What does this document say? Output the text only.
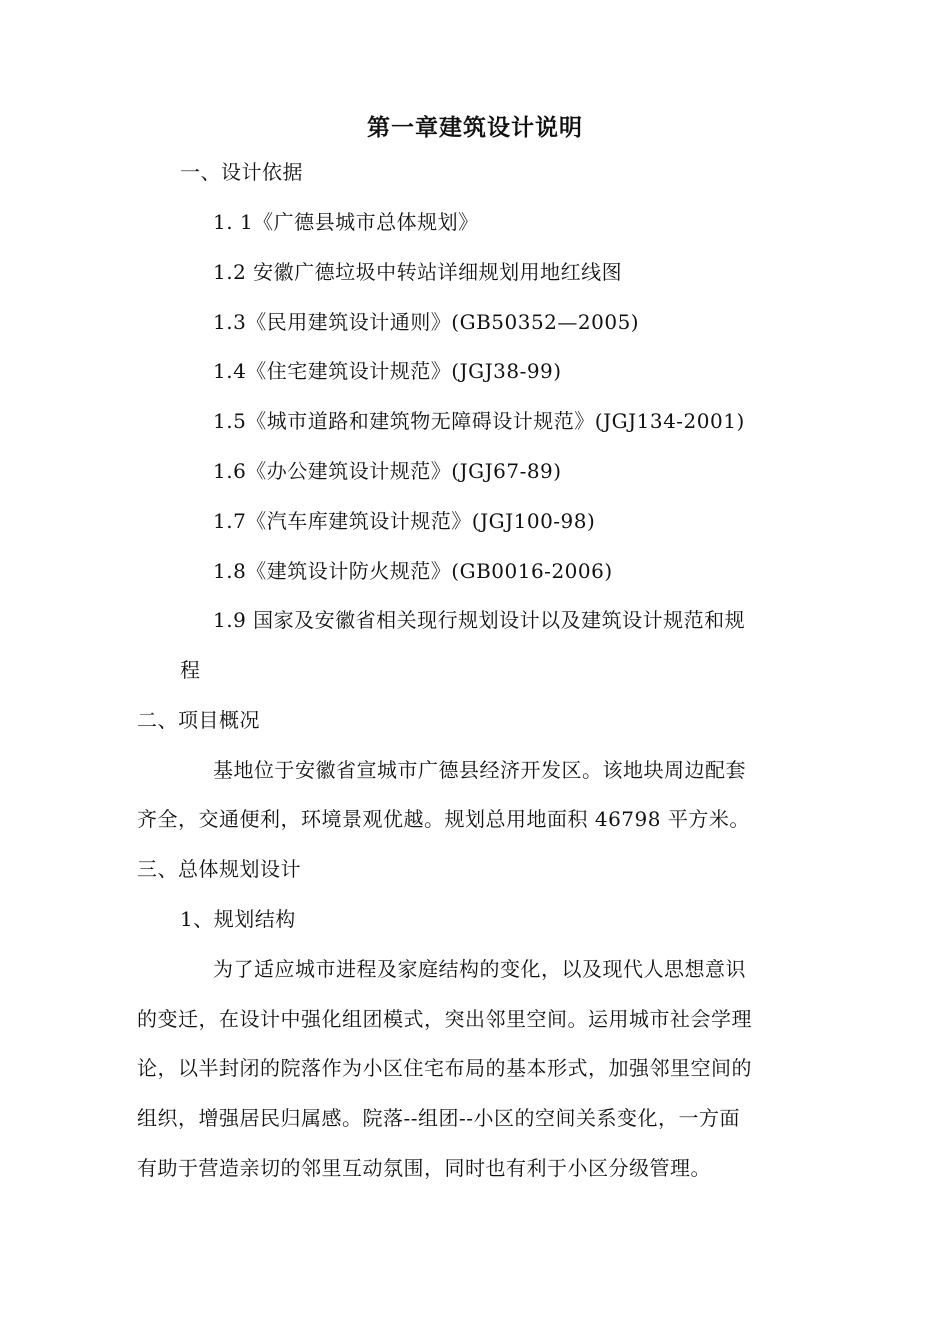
第一章建筑设计说明
一、设计依据
1. 1《广德县城市总体规划》
1.2 安徽广德垃圾中转站详细规划用地红线图
1.3《民用建筑设计通则》(GB50352—2005)
1.4《住宅建筑设计规范》(JGJ38-99)
1.5《城市道路和建筑物无障碍设计规范》(JGJ134-2001)
1.6《办公建筑设计规范》(JGJ67-89)
1.7《汽车库建筑设计规范》(JGJ100-98)
1.8《建筑设计防火规范》(GB0016-2006)
1.9 国家及安徽省相关现行规划设计以及建筑设计规范和规
程
二、项目概况
基地位于安徽省宣城市广德县经济开发区。该地块周边配套
齐全，交通便利，环境景观优越。规划总用地面积 46798 平方米。
三、总体规划设计
1、规划结构
为了适应城市进程及家庭结构的变化，以及现代人思想意识
的变迁，在设计中强化组团模式，突出邻里空间。运用城市社会学理
论，以半封闭的院落作为小区住宅布局的基本形式，加强邻里空间的
组织，增强居民归属感。院落--组团--小区的空间关系变化，一方面
有助于营造亲切的邻里互动氛围，同时也有利于小区分级管理。
